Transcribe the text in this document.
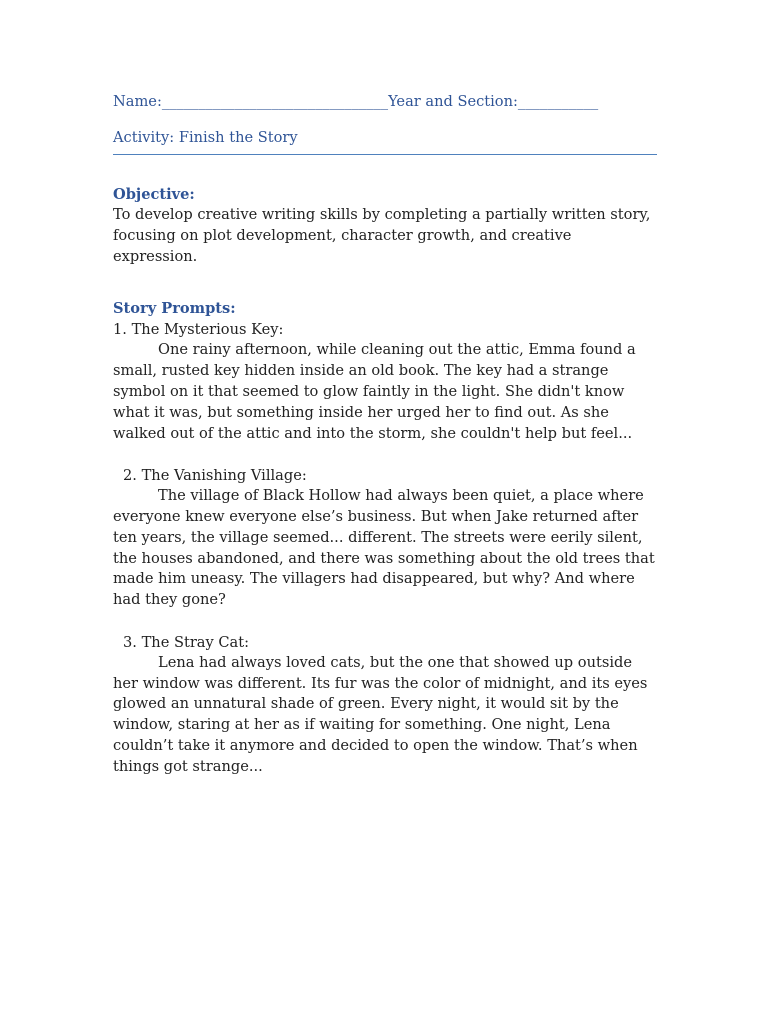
Name:_______________________________Year and Section:___________
Activity: Finish the Story
Objective:
To develop creative writing skills by completing a partially written story, focusing on plot development, character growth, and creative expression.
Story Prompts:
1. The Mysterious Key:
One rainy afternoon, while cleaning out the attic, Emma found a small, rusted key hidden inside an old book. The key had a strange symbol on it that seemed to glow faintly in the light. She didn't know what it was, but something inside her urged her to find out. As she walked out of the attic and into the storm, she couldn't help but feel...
2. The Vanishing Village:
The village of Black Hollow had always been quiet, a place where everyone knew everyone else’s business. But when Jake returned after ten years, the village seemed... different. The streets were eerily silent, the houses abandoned, and there was something about the old trees that made him uneasy. The villagers had disappeared, but why? And where had they gone?
3. The Stray Cat:
Lena had always loved cats, but the one that showed up outside her window was different. Its fur was the color of midnight, and its eyes glowed an unnatural shade of green. Every night, it would sit by the window, staring at her as if waiting for something. One night, Lena couldn’t take it anymore and decided to open the window. That’s when things got strange...
